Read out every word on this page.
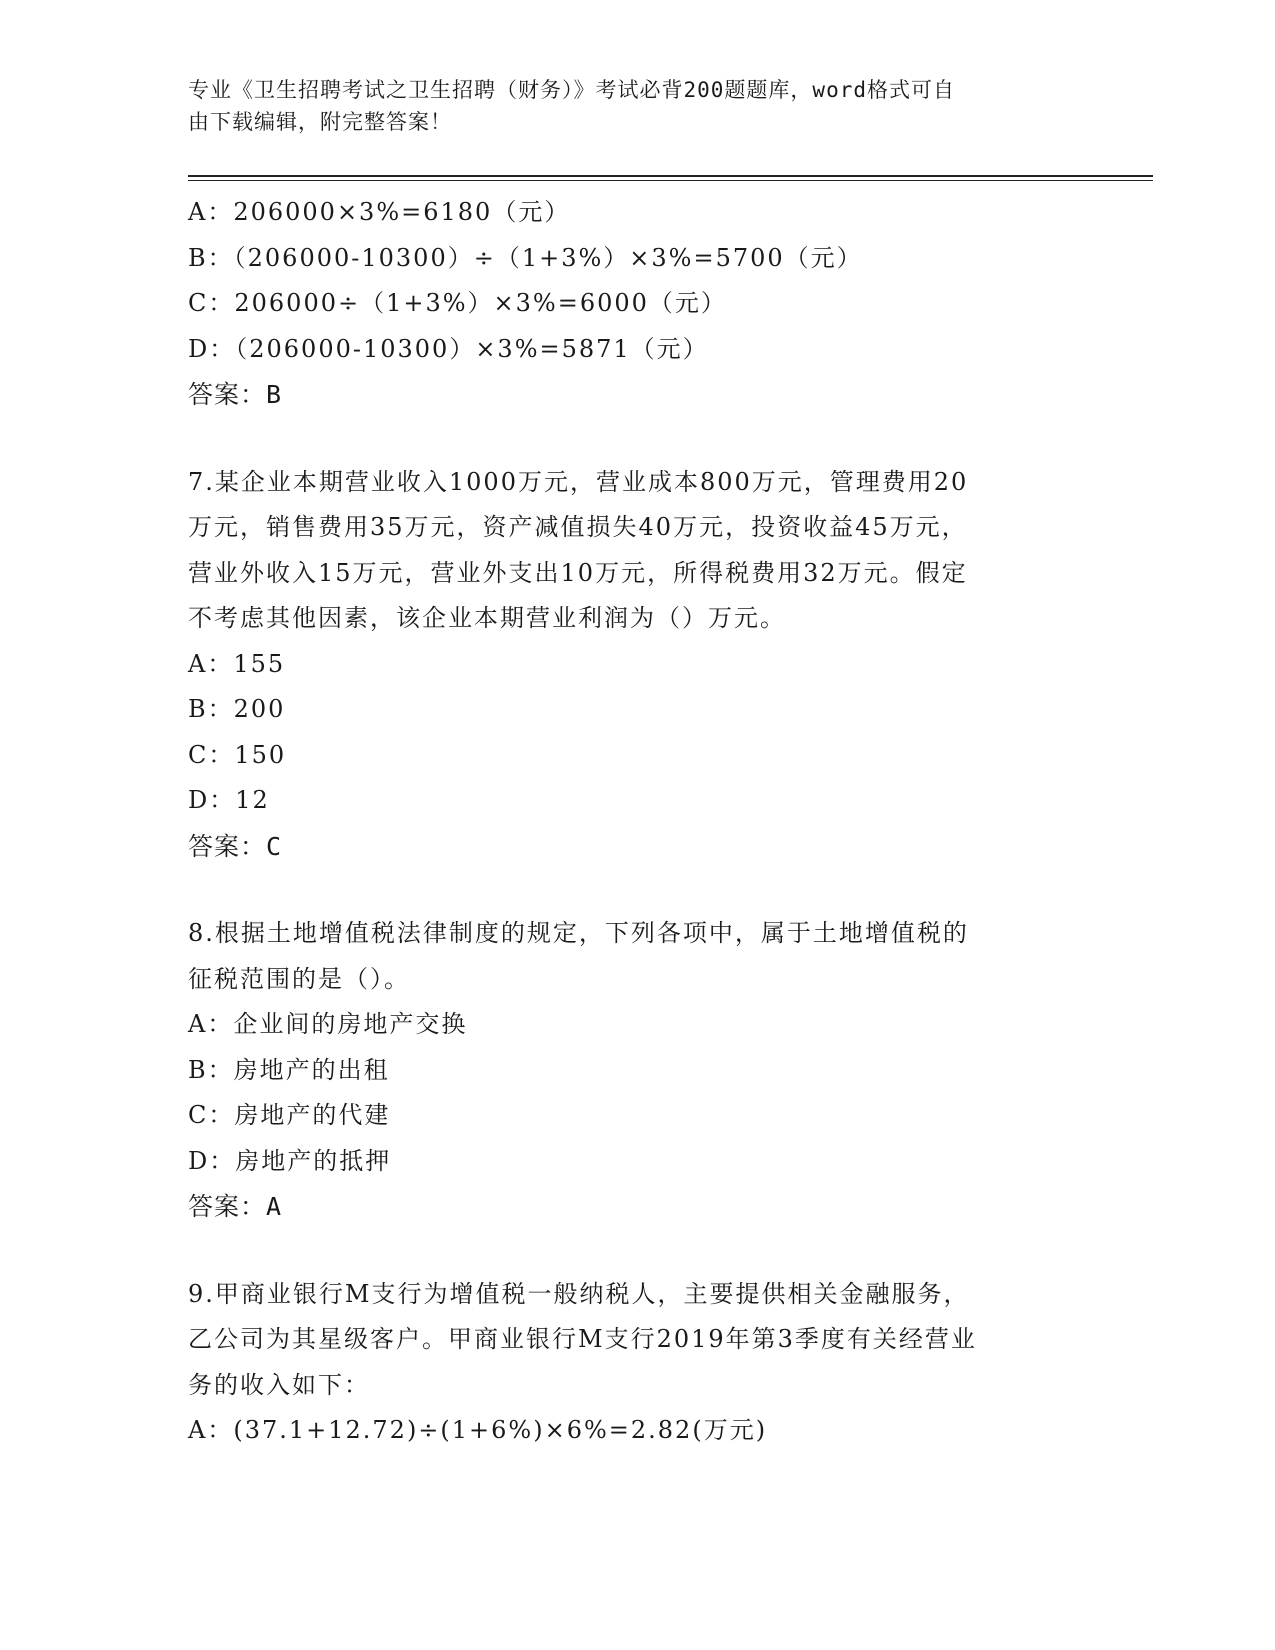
专业《卫生招聘考试之卫生招聘（财务）》考试必背200题题库，word格式可自
由下载编辑，附完整答案！
A：206000×3%=6180（元）
B：（206000-10300）÷（1+3%）×3%=5700（元）
C：206000÷（1+3%）×3%=6000（元）
D：（206000-10300）×3%=5871（元）
答案：B
7.某企业本期营业收入1000万元，营业成本800万元，管理费用20
万元，销售费用35万元，资产减值损失40万元，投资收益45万元，
营业外收入15万元，营业外支出10万元，所得税费用32万元。假定
不考虑其他因素，该企业本期营业利润为（）万元。
A：155
B：200
C：150
D：12
答案：C
8.根据土地增值税法律制度的规定，下列各项中，属于土地增值税的
征税范围的是（）。
A：企业间的房地产交换
B：房地产的出租
C：房地产的代建
D：房地产的抵押
答案：A
9.甲商业银行M支行为增值税一般纳税人，主要提供相关金融服务，
乙公司为其星级客户。甲商业银行M支行2019年第3季度有关经营业
务的收入如下：
A：(37.1+12.72)÷(1+6%)×6%=2.82(万元)
